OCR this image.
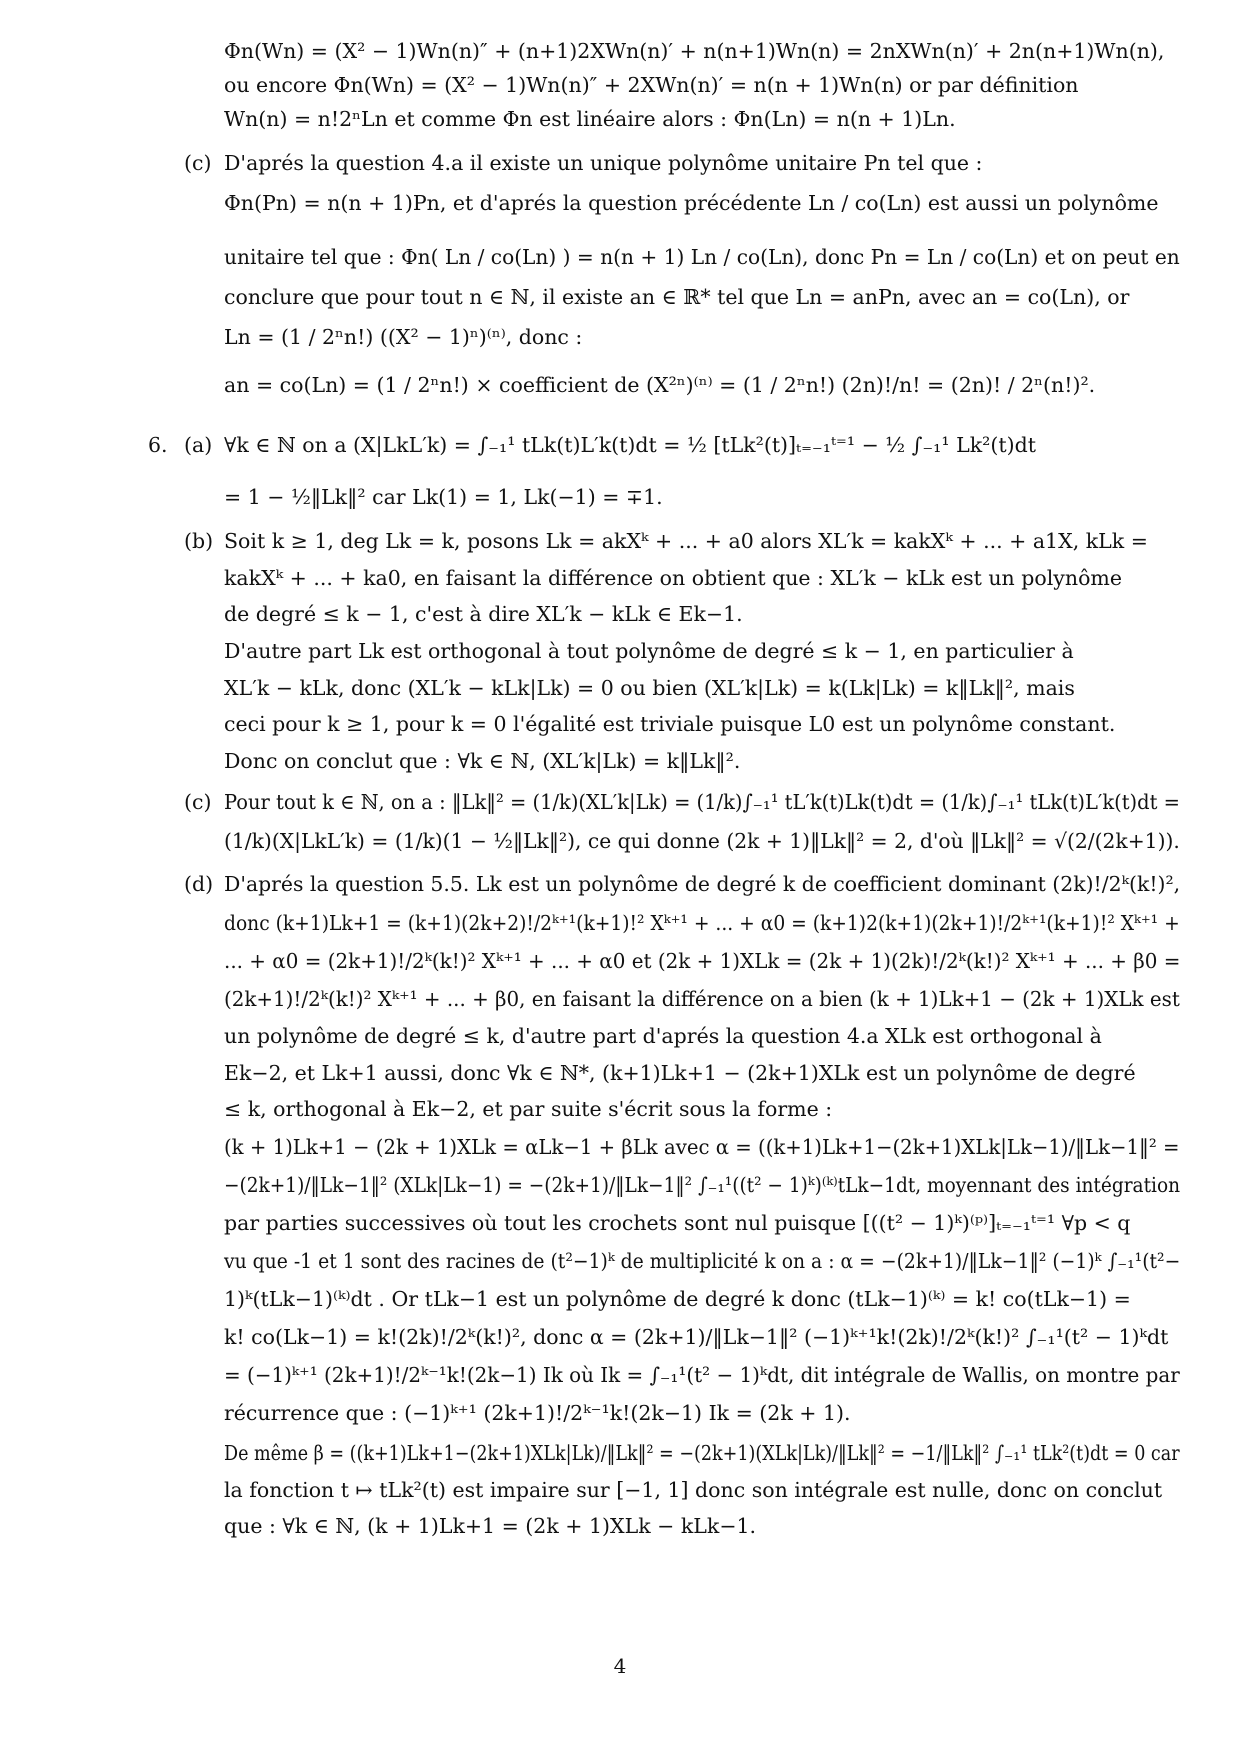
Φn(Wn) = (X² − 1)Wn(n)″ + (n+1)2XWn(n)′ + n(n+1)Wn(n) = 2nXWn(n)′ + 2n(n+1)Wn(n),
ou encore Φn(Wn) = (X² − 1)Wn(n)″ + 2XWn(n)′ = n(n + 1)Wn(n) or par définition
Wn(n) = n!2ⁿLn et comme Φn est linéaire alors : Φn(Ln) = n(n + 1)Ln.
(c) D'aprés la question 4.a il existe un unique polynôme unitaire Pn tel que :
Φn(Pn) = n(n + 1)Pn, et d'aprés la question précédente Ln / co(Ln) est aussi un polynôme
unitaire tel que : Φn( Ln / co(Ln) ) = n(n + 1) Ln / co(Ln), donc Pn = Ln / co(Ln) et on peut en
conclure que pour tout n ∈ ℕ, il existe an ∈ ℝ* tel que Ln = anPn, avec an = co(Ln), or
Ln = (1 / 2ⁿn!) ((X² − 1)ⁿ)⁽ⁿ⁾, donc :
an = co(Ln) = (1 / 2ⁿn!) × coefficient de (X²ⁿ)⁽ⁿ⁾ = (1 / 2ⁿn!) (2n)!/n! = (2n)! / 2ⁿ(n!)².
6. (a) ∀k ∈ ℕ on a (X|LkL′k) = ∫₋₁¹ tLk(t)L′k(t)dt = ½ [tLk²(t)]ₜ₌₋₁ᵗ⁼¹ − ½ ∫₋₁¹ Lk²(t)dt
= 1 − ½‖Lk‖² car Lk(1) = 1, Lk(−1) = ∓1.
(b) Soit k ≥ 1, deg Lk = k, posons Lk = akXᵏ + ... + a0 alors XL′k = kakXᵏ + ... + a1X, kLk =
kakXᵏ + ... + ka0, en faisant la différence on obtient que : XL′k − kLk est un polynôme
de degré ≤ k − 1, c'est à dire XL′k − kLk ∈ Ek−1.
D'autre part Lk est orthogonal à tout polynôme de degré ≤ k − 1, en particulier à
XL′k − kLk, donc (XL′k − kLk|Lk) = 0 ou bien (XL′k|Lk) = k(Lk|Lk) = k‖Lk‖², mais
ceci pour k ≥ 1, pour k = 0 l'égalité est triviale puisque L0 est un polynôme constant.
Donc on conclut que : ∀k ∈ ℕ, (XL′k|Lk) = k‖Lk‖².
(c) Pour tout k ∈ ℕ, on a : ‖Lk‖² = (1/k)(XL′k|Lk) = (1/k)∫₋₁¹ tL′k(t)Lk(t)dt = (1/k)∫₋₁¹ tLk(t)L′k(t)dt =
(1/k)(X|LkL′k) = (1/k)(1 − ½‖Lk‖²), ce qui donne (2k + 1)‖Lk‖² = 2, d'où ‖Lk‖² = √(2/(2k+1)).
(d) D'aprés la question 5.5. Lk est un polynôme de degré k de coefficient dominant (2k)!/2ᵏ(k!)²,
donc (k+1)Lk+1 = (k+1)(2k+2)!/2ᵏ⁺¹(k+1)!² Xᵏ⁺¹ + ... + α0 = (k+1)2(k+1)(2k+1)!/2ᵏ⁺¹(k+1)!² Xᵏ⁺¹ +
... + α0 = (2k+1)!/2ᵏ(k!)² Xᵏ⁺¹ + ... + α0 et (2k + 1)XLk = (2k + 1)(2k)!/2ᵏ(k!)² Xᵏ⁺¹ + ... + β0 =
(2k+1)!/2ᵏ(k!)² Xᵏ⁺¹ + ... + β0, en faisant la différence on a bien (k + 1)Lk+1 − (2k + 1)XLk est
un polynôme de degré ≤ k, d'autre part d'aprés la question 4.a XLk est orthogonal à
Ek−2, et Lk+1 aussi, donc ∀k ∈ ℕ*, (k+1)Lk+1 − (2k+1)XLk est un polynôme de degré
≤ k, orthogonal à Ek−2, et par suite s'écrit sous la forme :
(k + 1)Lk+1 − (2k + 1)XLk = αLk−1 + βLk avec α = ((k+1)Lk+1−(2k+1)XLk|Lk−1)/‖Lk−1‖² =
−(2k+1)/‖Lk−1‖² (XLk|Lk−1) = −(2k+1)/‖Lk−1‖² ∫₋₁¹((t² − 1)ᵏ)⁽ᵏ⁾tLk−1dt, moyennant des intégration
par parties successives où tout les crochets sont nul puisque [((t² − 1)ᵏ)⁽ᵖ⁾]ₜ₌₋₁ᵗ⁼¹ ∀p < q
vu que -1 et 1 sont des racines de (t²−1)ᵏ de multiplicité k on a : α = −(2k+1)/‖Lk−1‖² (−1)ᵏ ∫₋₁¹(t²−
1)ᵏ(tLk−1)⁽ᵏ⁾dt . Or tLk−1 est un polynôme de degré k donc (tLk−1)⁽ᵏ⁾ = k! co(tLk−1) =
k! co(Lk−1) = k!(2k)!/2ᵏ(k!)², donc α = (2k+1)/‖Lk−1‖² (−1)ᵏ⁺¹k!(2k)!/2ᵏ(k!)² ∫₋₁¹(t² − 1)ᵏdt
= (−1)ᵏ⁺¹ (2k+1)!/2ᵏ⁻¹k!(2k−1) Ik où Ik = ∫₋₁¹(t² − 1)ᵏdt, dit intégrale de Wallis, on montre par
récurrence que : (−1)ᵏ⁺¹ (2k+1)!/2ᵏ⁻¹k!(2k−1) Ik = (2k + 1).
De même β = ((k+1)Lk+1−(2k+1)XLk|Lk)/‖Lk‖² = −(2k+1)(XLk|Lk)/‖Lk‖² = −1/‖Lk‖² ∫₋₁¹ tLk²(t)dt = 0 car
la fonction t ↦ tLk²(t) est impaire sur [−1, 1] donc son intégrale est nulle, donc on conclut
que : ∀k ∈ ℕ, (k + 1)Lk+1 = (2k + 1)XLk − kLk−1.
4
